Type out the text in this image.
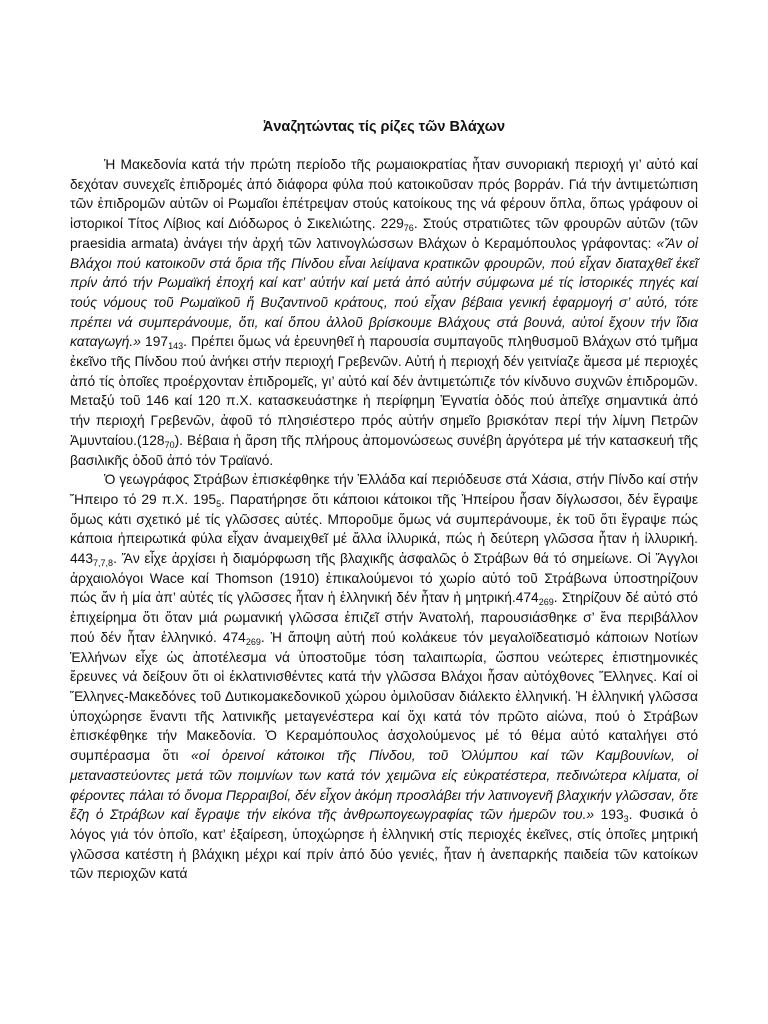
Ἀναζητώντας τίς ρίζες τῶν Βλάχων

Ἡ Μακεδονία κατά τήν πρώτη περίοδο τῆς ρωμαιοκρατίας ἦταν συνοριακή περιοχή γι’ αὐτό καί δεχόταν συνεχεῖς ἐπιδρομές ἀπό διάφορα φύλα πού κατοικοῦσαν πρός βορράν. Γιά τήν ἀντιμετώπιση τῶν ἐπιδρομῶν αὐτῶν οἱ Ρωμαῖοι ἐπέτρεψαν στούς κατοίκους της νά φέρουν ὅπλα, ὅπως γράφουν οἱ ἱστορικοί Τίτος Λίβιος καί Διόδωρος ὁ Σικελιώτης. $229_{76}$. Στούς στρατιῶτες τῶν φρουρῶν αὐτῶν (τῶν praesidia armata) ἀνάγει τήν ἀρχή τῶν λατινογλώσσων Βλάχων ὁ Κεραμόπουλος γράφοντας: «Ἄν οἱ Βλάχοι πού κατοικοῦν στά ὅρια τῆς Πίνδου εἶναι λείψανα κρατικῶν φρουρῶν, πού εἶχαν διαταχθεῖ ἐκεῖ πρίν ἀπό τήν Ρωμαϊκή ἐποχή καί κατ’ αὐτήν καί μετά ἀπό αὐτήν σύμφωνα μέ τίς ἱστορικές πηγές καί τούς νόμους τοῦ Ρωμαϊκοῦ ἤ Βυζαντινοῦ κράτους, πού εἶχαν βέβαια γενική ἐφαρμογή σ’ αὐτό, τότε πρέπει νά συμπεράνουμε, ὅτι, καί ὅπου ἀλλοῦ βρίσκουμε Βλάχους στά βουνά, αὐτοί ἔχουν τήν ἴδια καταγωγή.» $197_{143}$. Πρέπει ὅμως νά ἐρευνηθεῖ ἡ παρουσία συμπαγοῦς πληθυσμοῦ Βλάχων στό τμῆμα ἐκεῖνο τῆς Πίνδου πού ἀνήκει στήν περιοχή Γρεβενῶν. Αὐτή ἡ περιοχή δέν γειτνίαζε ἄμεσα μέ περιοχές ἀπό τίς ὁποῖες προέρχονταν ἐπιδρομεῖς, γι’ αὐτό καί δέν ἀντιμετώπιζε τόν κίνδυνο συχνῶν ἐπιδρομῶν. Μεταξύ τοῦ 146 καί 120 π.Χ. κατασκευάστηκε ἡ περίφημη Ἐγνατία ὁδός πού ἀπεῖχε σημαντικά ἀπό τήν περιοχή Γρεβενῶν, ἀφοῦ τό πλησιέστερο πρός αὐτήν σημεῖο βρισκόταν περί τήν λίμνη Πετρῶν $Ἀ\mu\upsilon\nu\tau\alpha ίo\upsilon.(128_{70})$. Βέβαια ἡ ἄρση τῆς πλήρους ἀπομονώσεως συνέβη ἀργότερα μέ τήν κατασκευή τῆς βασιλικῆς ὁδοῦ ἀπό τόν Τραϊανό.

Ὁ γεωγράφος Στράβων ἐπισκέφθηκε τήν Ἑλλάδα καί περιόδευσε στά Χάσια, στήν Πίνδο καί στήν Ἤπειρο τό 29 π.Χ. $195_5$. Παρατήρησε ὅτι κάποιοι κάτοικοι τῆς Ἠπείρου ἦσαν δίγλωσσοι, δέν ἔγραψε ὅμως κάτι σχετικό μέ τίς γλῶσσες αὐτές. Μποροῦμε ὅμως νά συμπεράνουμε, ἐκ τοῦ ὅτι ἔγραψε πώς κάποια ἠπειρωτικά φύλα εἶχαν ἀναμειχθεῖ μέ ἄλλα ἰλλυρικά, πώς ἡ δεύτερη γλῶσσα ἦταν ἡ ἰλλυρική. $443_{7,7,8}$. Ἄν εἶχε ἀρχίσει ἡ διαμόρφωση τῆς βλαχικῆς ἀσφαλῶς ὁ Στράβων θά τό σημείωνε. Οἱ Ἄγγλοι ἀρχαιολόγοι Wace καί Thomson (1910) ἐπικαλούμενοι τό χωρίο αὐτό τοῦ Στράβωνα ὑποστηρίζουν πώς ἄν ἡ μία ἀπ’ αὐτές τίς γλῶσσες ἦταν ἡ ἑλληνική δέν ἦταν ἡ $\mu\eta\tau\rho\iota\kappa ή.474_{269}$. Στηρίζουν δέ αὐτό στό ἐπιχείρημα ὅτι ὅταν μιά ρωμανική γλῶσσα ἐπιζεῖ στήν Ἀνατολή, παρουσιάσθηκε σ’ ἕνα περιβάλλον πού δέν ἦταν ἑλληνικό. $474_{269}$. Ἡ ἄποψη αὐτή πού κολάκευε τόν μεγαλοϊδεατισμό κάποιων Νοτίων Ἑλλήνων εἶχε ὡς ἀποτέλεσμα νά ὑποστοῦμε τόση ταλαιπωρία, ὥσπου νεώτερες ἐπιστημονικές ἔρευνες νά δείξουν ὅτι οἱ ἐκλατινισθέντες κατά τήν γλῶσσα Βλάχοι ἦσαν αὐτόχθονες Ἕλληνες. Καί οἱ Ἕλληνες-Μακεδόνες τοῦ Δυτικομακεδονικοῦ χώρου ὁμιλοῦσαν διάλεκτο ἑλληνική. Ἡ ἑλληνική γλῶσσα ὑποχώρησε ἔναντι τῆς λατινικῆς μεταγενέστερα καί ὄχι κατά τόν πρῶτο αἰώνα, πού ὁ Στράβων ἐπισκέφθηκε τήν Μακεδονία. Ὁ Κεραμόπουλος ἀσχολούμενος μέ τό θέμα αὐτό καταλήγει στό συμπέρασμα ὅτι «οἱ ὀρεινοί κάτοικοι τῆς Πίνδου, τοῦ Ὀλύμπου καί τῶν Καμβουνίων, οἱ μεταναστεύοντες μετά τῶν ποιμνίων των κατά τόν χειμῶνα εἰς εὐκρατέστερα, πεδινώτερα κλίματα, οἱ φέροντες πάλαι τό ὄνομα Περραιβοί, δέν εἶχον ἀκόμη προσλάβει τήν λατινογενῆ βλαχικήν γλῶσσαν, ὅτε ἔζη ὁ Στράβων καί ἔγραψε τήν εἰκόνα τῆς ἀνθρωπογεωγραφίας τῶν ἡμερῶν του.» $193_3$. Φυσικά ὁ λόγος γιά τόν ὁποῖο, κατ’ ἐξαίρεση, ὑποχώρησε ἡ ἑλληνική στίς περιοχές ἐκεῖνες, στίς ὁποῖες μητρική γλῶσσα κατέστη ἡ βλάχικη μέχρι καί πρίν ἀπό δύο γενιές, ἦταν ἡ ἀνεπαρκής παιδεία τῶν κατοίκων τῶν περιοχῶν κατά
